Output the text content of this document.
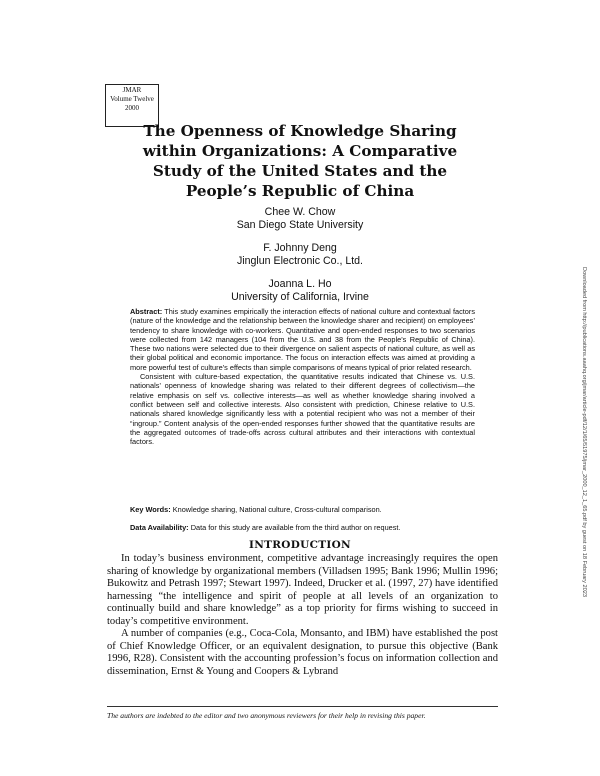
JMAR
Volume Twelve
2000
The Openness of Knowledge Sharing
within Organizations: A Comparative
Study of the United States and the
People’s Republic of China
Chee W. Chow
San Diego State University
F. Johnny Deng
Jinglun Electronic Co., Ltd.
Joanna L. Ho
University of California, Irvine

Abstract: This study examines empirically the interaction effects of national culture and contextual factors (nature of the knowledge and the relationship between the knowledge sharer and recipient) on employees’ tendency to share knowledge with co-workers. Quantitative and open-ended responses to two scenarios were collected from 142 managers (104 from the U.S. and 38 from the People’s Republic of China). These two nations were selected due to their divergence on salient aspects of national culture, as well as their global political and economic importance. The focus on interaction effects was aimed at providing a more powerful test of culture’s effects than simple comparisons of means typical of prior related research.

Consistent with culture-based expectation, the quantitative results indicated that Chinese vs. U.S. nationals’ openness of knowledge sharing was related to their different degrees of collectivism—the relative emphasis on self vs. collective interests—as well as whether knowledge sharing involved a conflict between self and collective interests. Also consistent with prediction, Chinese relative to U.S. nationals shared knowledge significantly less with a potential recipient who was not a member of their “ingroup.” Content analysis of the open-ended responses further showed that the quantitative results are the aggregated outcomes of trade-offs across cultural attributes and their interactions with contextual factors.

Key Words: Knowledge sharing, National culture, Cross-cultural comparison.
Data Availability: Data for this study are available from the third author on request.
INTRODUCTION

In today’s business environment, competitive advantage increasingly requires the open sharing of knowledge by organizational members (Villadsen 1995; Bank 1996; Mullin 1996; Bukowitz and Petrash 1997; Stewart 1997). Indeed, Drucker et al. (1997, 27) have identified harnessing “the intelligence and spirit of people at all levels of an organization to continually build and share knowledge” as a top priority for firms wishing to succeed in today’s competitive environment.

A number of companies (e.g., Coca-Cola, Monsanto, and IBM) have established the post of Chief Knowledge Officer, or an equivalent designation, to pursue this objective (Bank 1996, R28). Consistent with the accounting profession’s focus on information collection and dissemination, Ernst & Young and Coopers & Lybrand

The authors are indebted to the editor and two anonymous reviewers for their help in revising this paper.
Downloaded from http://publications.aaahq.org/jmar/article-pdf/12/1/65/51975/jmar_2000_12_1_65.pdf by guest on 18 February 2023
